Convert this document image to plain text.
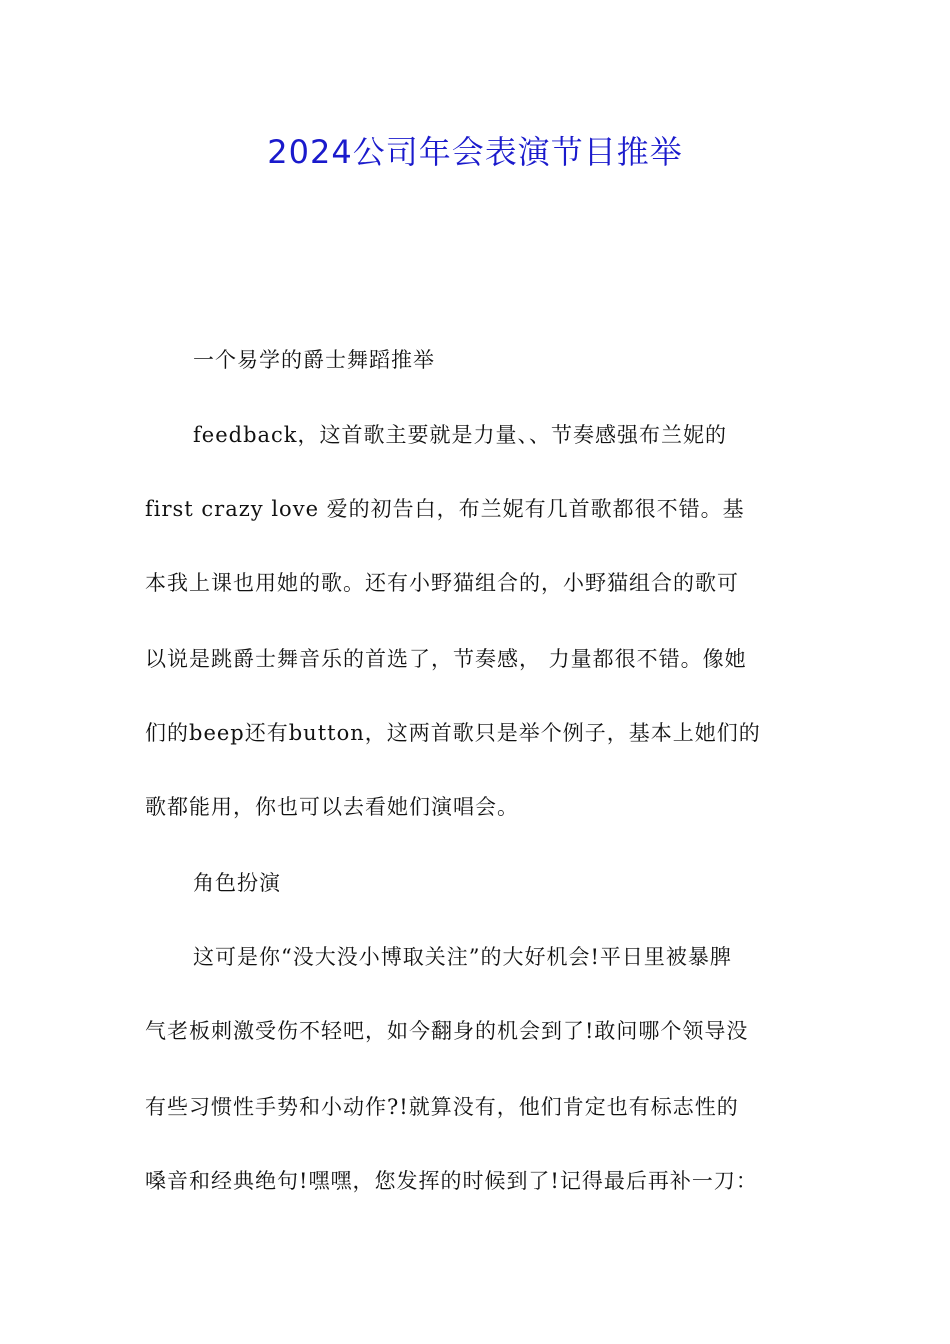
2024公司年会表演节目推举
一个易学的爵士舞蹈推举
feedback，这首歌主要就是力量、、节奏感强布兰妮的
first crazy love 爱的初告白，布兰妮有几首歌都很不错。基
本我上课也用她的歌。还有小野猫组合的，小野猫组合的歌可
以说是跳爵士舞音乐的首选了，节奏感， 力量都很不错。像她
们的beep还有button，这两首歌只是举个例子，基本上她们的
歌都能用，你也可以去看她们演唱会。
角色扮演
这可是你“没大没小博取关注”的大好机会!平日里被暴脾
气老板刺激受伤不轻吧，如今翻身的机会到了!敢问哪个领导没
有些习惯性手势和小动作?!就算没有，他们肯定也有标志性的
嗓音和经典绝句!嘿嘿，您发挥的时候到了!记得最后再补一刀：
